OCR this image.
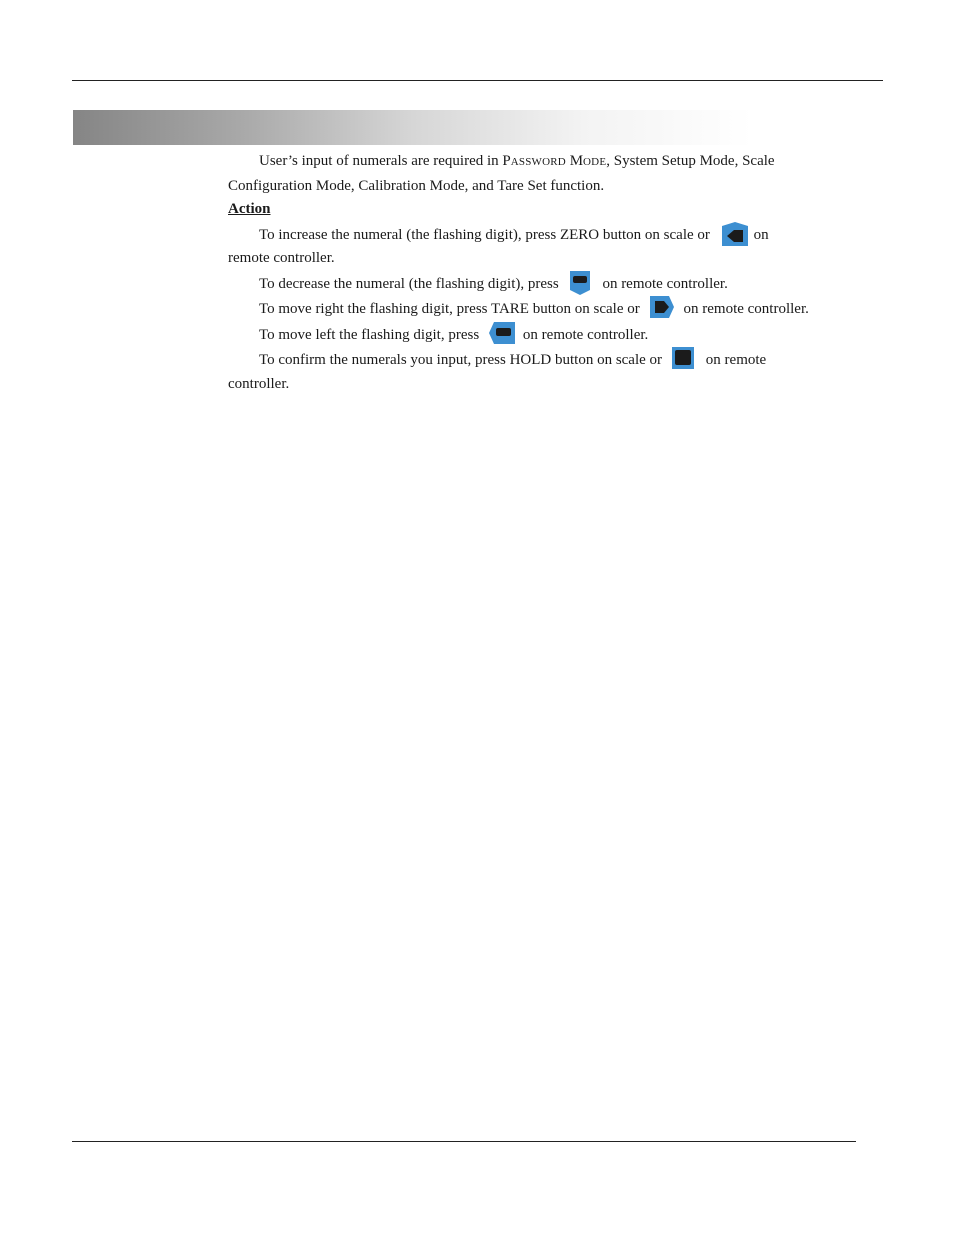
User’s input of numerals are required in PASSWORD MODE, System Setup Mode, Scale

Configuration Mode, Calibration Mode, and Tare Set function.

Action

To increase the numeral (the flashing digit), press ZERO button on scale or	on

remote controller.

To decrease the numeral (the flashing digit), press	on remote controller.

To move right the flashing digit, press TARE button on scale or	on remote controller.

To move left the flashing digit, press	on remote controller.

To confirm the numerals you input, press HOLD button on scale or	on remote

controller.
